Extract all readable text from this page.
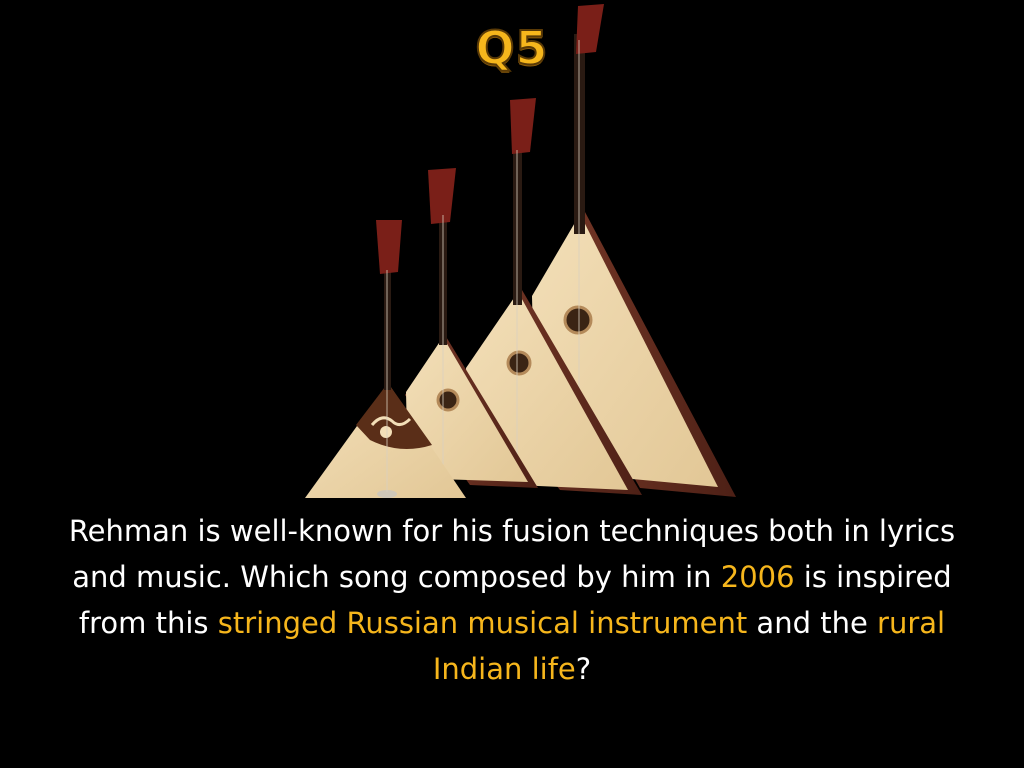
Q5
Rehman is well-known for his fusion techniques both in lyrics and music. Which song composed by him in 2006 is inspired from this stringed Russian musical instrument and the rural Indian life?
